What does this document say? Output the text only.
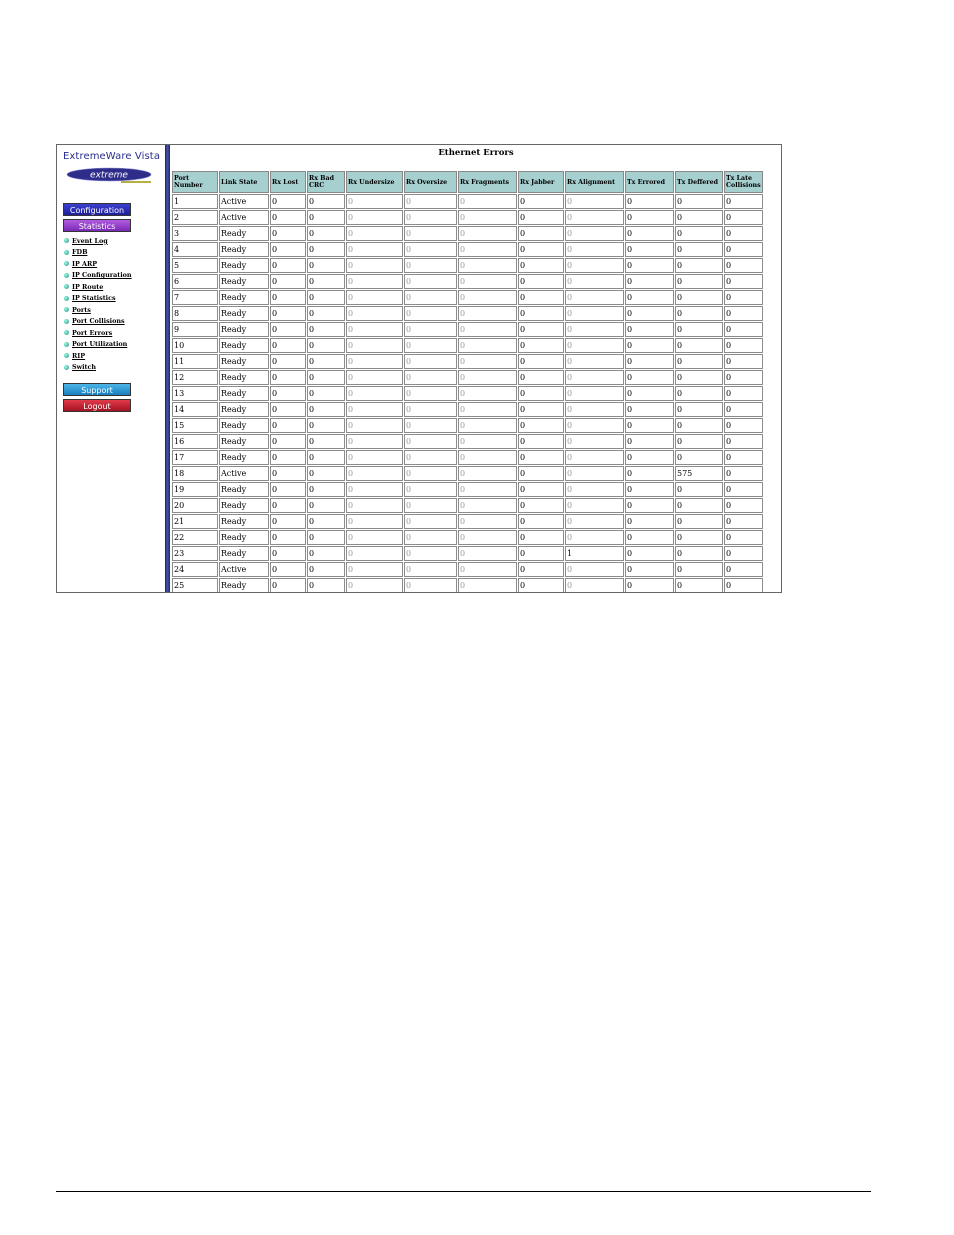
ExtremeWare Vista
extreme
Configuration
Statistics
Event Log
FDB
IP ARP
IP Configuration
IP Route
IP Statistics
Ports
Port Collisions
Port Errors
Port Utilization
RIP
Switch
Support
Logout
Ethernet Errors
Port Number	Link State	Rx Lost	Rx Bad CRC	Rx Undersize	Rx Oversize	Rx Fragments	Rx Jabber	Rx Alignment	Tx Errored	Tx Deffered	Tx Late Collisions
1	Active	0	0	0	0	0	0	0	0	0	0
2	Active	0	0	0	0	0	0	0	0	0	0
3	Ready	0	0	0	0	0	0	0	0	0	0
4	Ready	0	0	0	0	0	0	0	0	0	0
5	Ready	0	0	0	0	0	0	0	0	0	0
6	Ready	0	0	0	0	0	0	0	0	0	0
7	Ready	0	0	0	0	0	0	0	0	0	0
8	Ready	0	0	0	0	0	0	0	0	0	0
9	Ready	0	0	0	0	0	0	0	0	0	0
10	Ready	0	0	0	0	0	0	0	0	0	0
11	Ready	0	0	0	0	0	0	0	0	0	0
12	Ready	0	0	0	0	0	0	0	0	0	0
13	Ready	0	0	0	0	0	0	0	0	0	0
14	Ready	0	0	0	0	0	0	0	0	0	0
15	Ready	0	0	0	0	0	0	0	0	0	0
16	Ready	0	0	0	0	0	0	0	0	0	0
17	Ready	0	0	0	0	0	0	0	0	0	0
18	Active	0	0	0	0	0	0	0	0	575	0
19	Ready	0	0	0	0	0	0	0	0	0	0
20	Ready	0	0	0	0	0	0	0	0	0	0
21	Ready	0	0	0	0	0	0	0	0	0	0
22	Ready	0	0	0	0	0	0	0	0	0	0
23	Ready	0	0	0	0	0	0	1	0	0	0
24	Active	0	0	0	0	0	0	0	0	0	0
25	Ready	0	0	0	0	0	0	0	0	0	0
